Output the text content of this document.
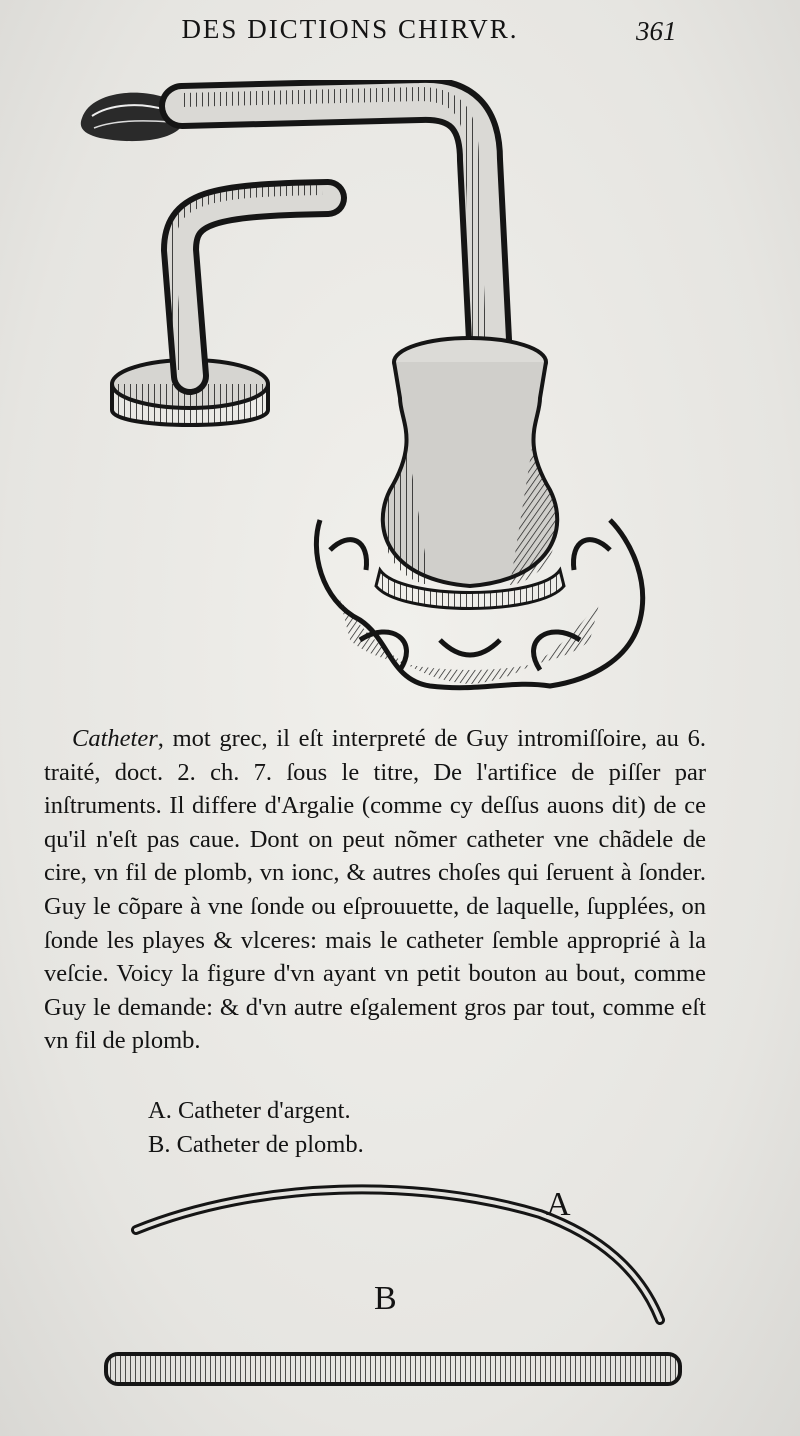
DES DICTIONS CHIRVR.	361

Catheter, mot grec, il eſt interpreté de Guy intromiſſoire, au 6. traité, doct. 2. ch. 7. ſous le titre, De l'artifice de piſſer par inſtruments. Il differe d'Argalie (comme cy deſſus auons dit) de ce qu'il n'eſt pas caue. Dont on peut nõmer catheter vne chãdele de cire, vn fil de plomb, vn ionc, & autres choſes qui ſeruent à ſonder. Guy le cõpare à vne ſonde ou eſprouuette, de laquelle, ſupplées, on ſonde les playes & vlceres: mais le catheter ſemble approprié à la veſcie. Voicy la figure d'vn ayant vn petit bouton au bout, comme Guy le demande: & d'vn autre eſgalement gros par tout, comme eſt vn fil de plomb.

A. Catheter d'argent.
B. Catheter de plomb.
A
B
